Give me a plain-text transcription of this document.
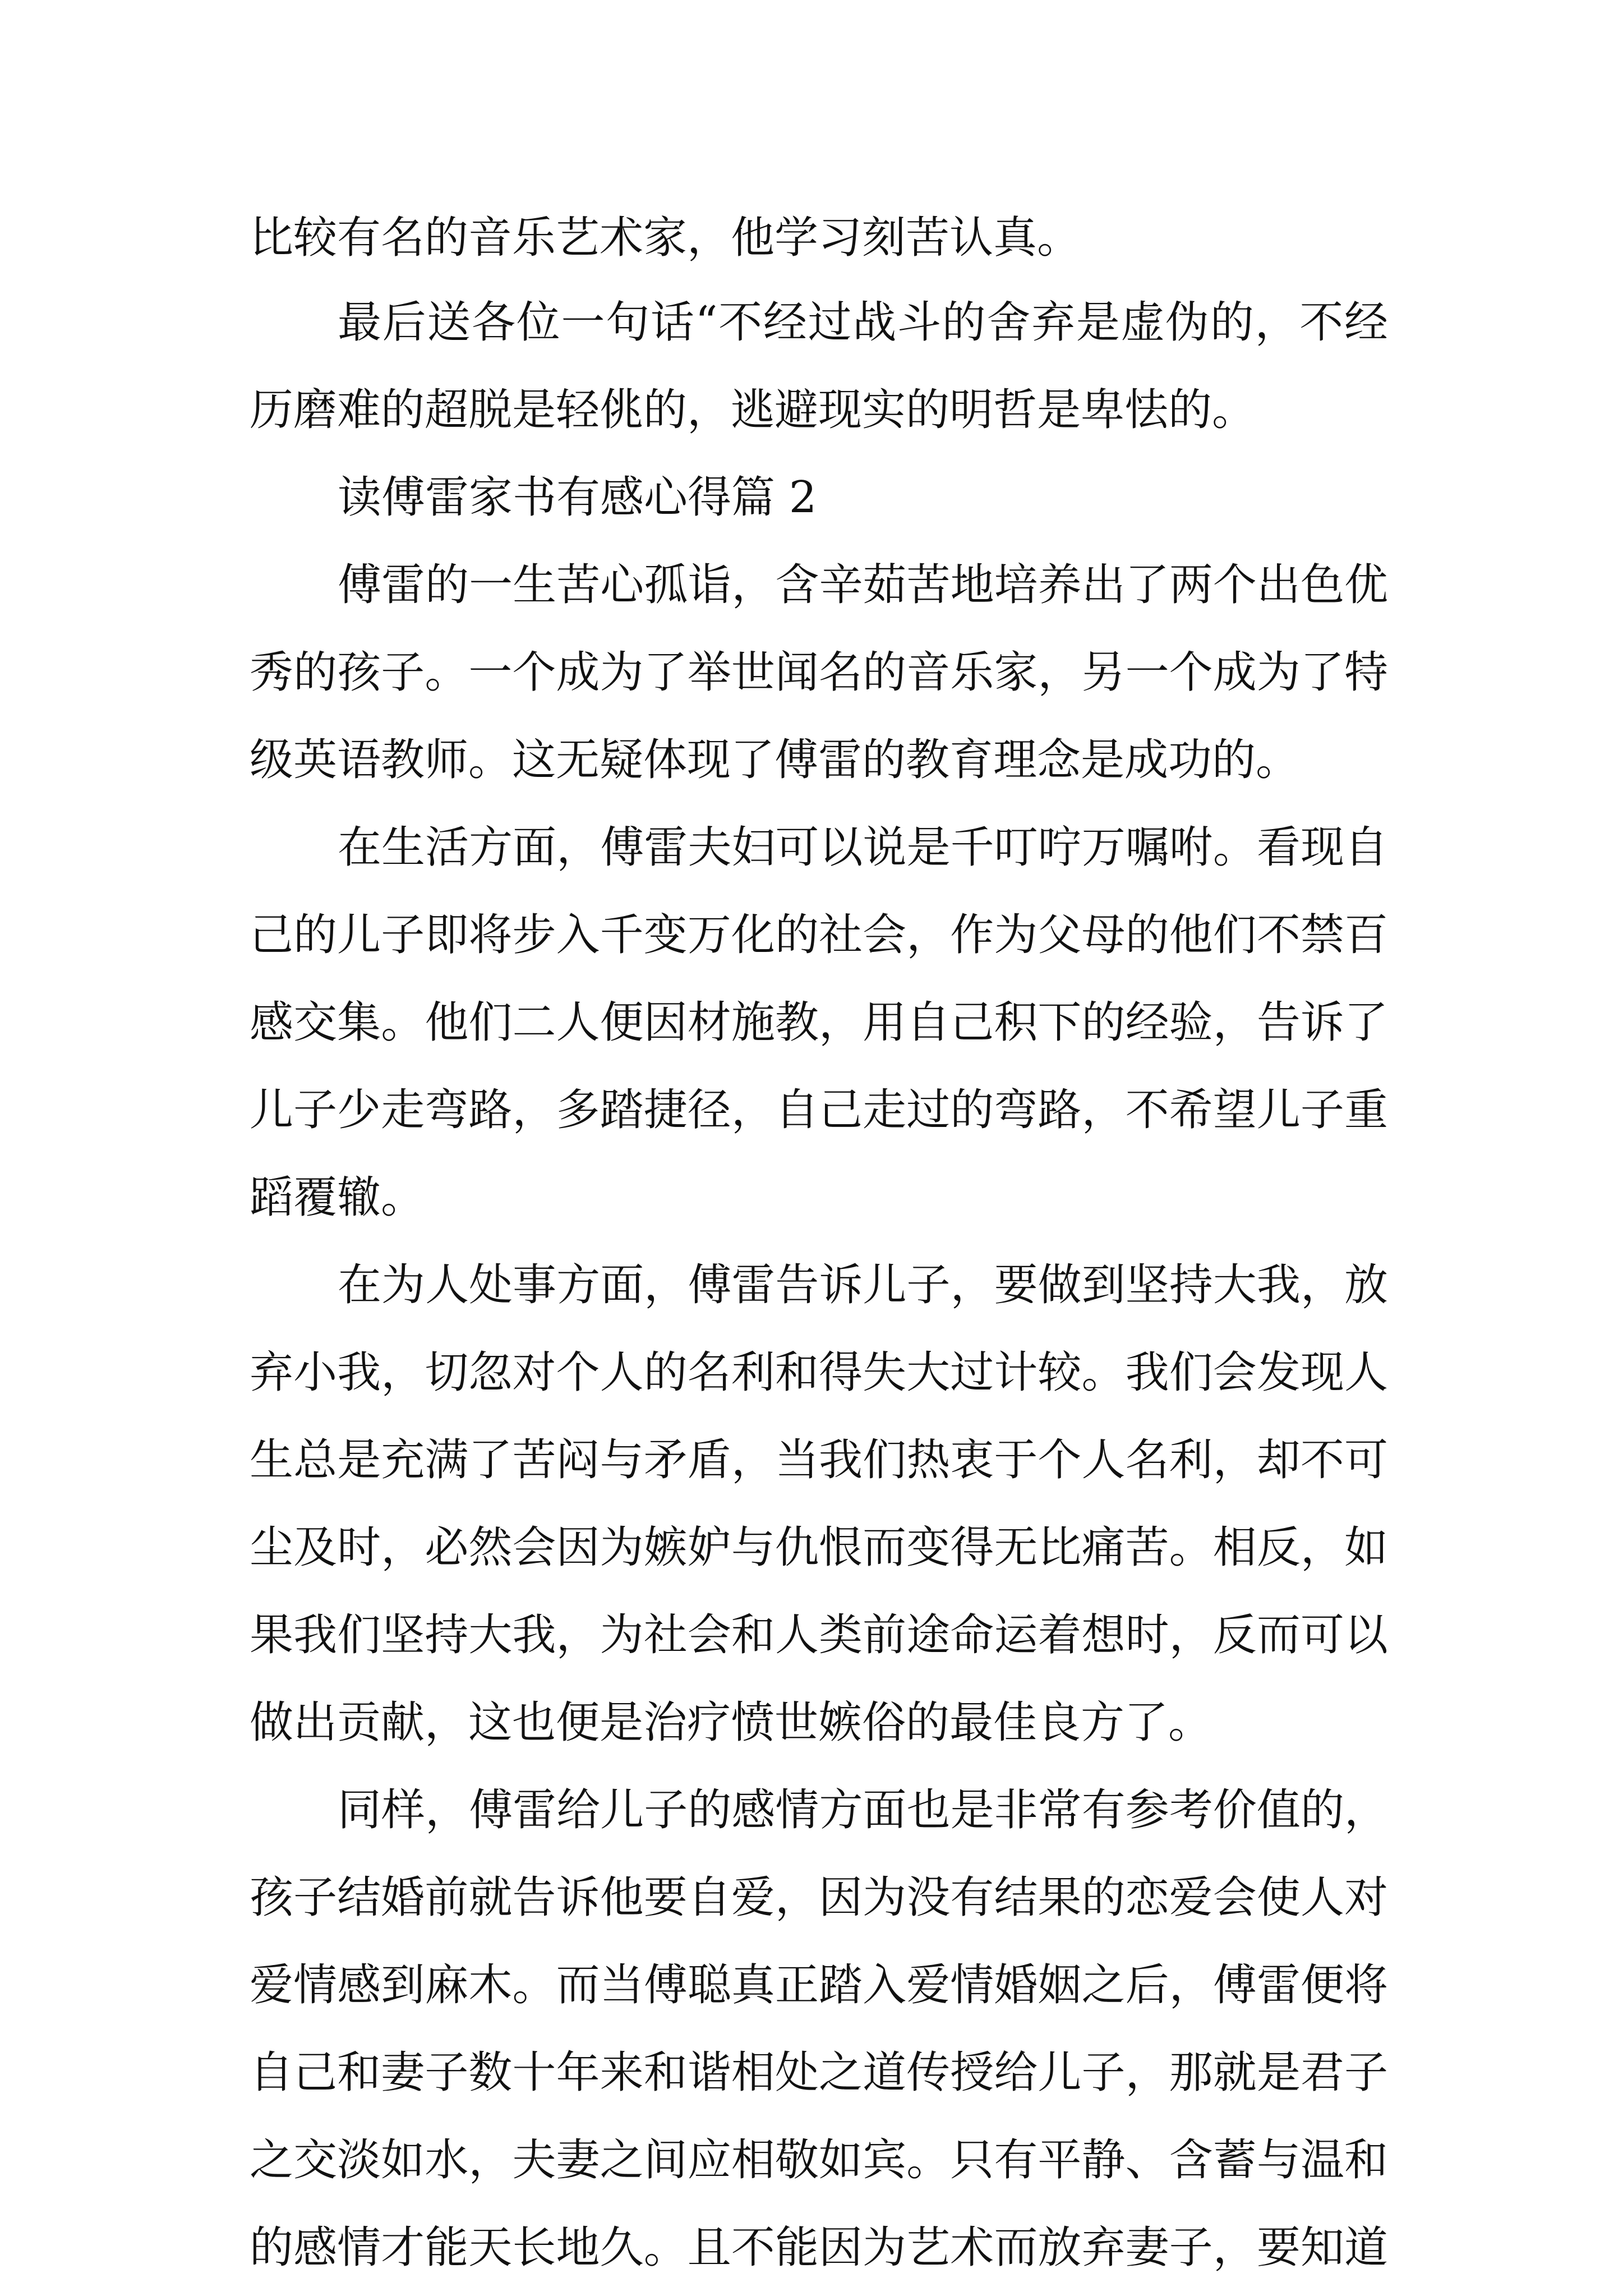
比较有名的音乐艺术家，他学习刻苦认真。
最后送各位一句话“不经过战斗的舍弃是虚伪的，不经
历磨难的超脱是轻佻的，逃避现实的明哲是卑怯的。
读傅雷家书有感心得篇 2
傅雷的一生苦心孤诣，含辛茹苦地培养出了两个出色优
秀的孩子。一个成为了举世闻名的音乐家，另一个成为了特
级英语教师。这无疑体现了傅雷的教育理念是成功的。
在生活方面，傅雷夫妇可以说是千叮咛万嘱咐。看现自
己的儿子即将步入千变万化的社会，作为父母的他们不禁百
感交集。他们二人便因材施教，用自己积下的经验，告诉了
儿子少走弯路，多踏捷径，自己走过的弯路，不希望儿子重
蹈覆辙。
在为人处事方面，傅雷告诉儿子，要做到坚持大我，放
弃小我，切忽对个人的名利和得失大过计较。我们会发现人
生总是充满了苦闷与矛盾，当我们热衷于个人名利，却不可
尘及时，必然会因为嫉妒与仇恨而变得无比痛苦。相反，如
果我们坚持大我，为社会和人类前途命运着想时，反而可以
做出贡献，这也便是治疗愤世嫉俗的最佳良方了。
同样，傅雷给儿子的感情方面也是非常有参考价值的，
孩子结婚前就告诉他要自爱，因为没有结果的恋爱会使人对
爱情感到麻木。而当傅聪真正踏入爱情婚姻之后，傅雷便将
自己和妻子数十年来和谐相处之道传授给儿子，那就是君子
之交淡如水，夫妻之间应相敬如宾。只有平静、含蓄与温和
的感情才能天长地久。且不能因为艺术而放弃妻子，要知道
